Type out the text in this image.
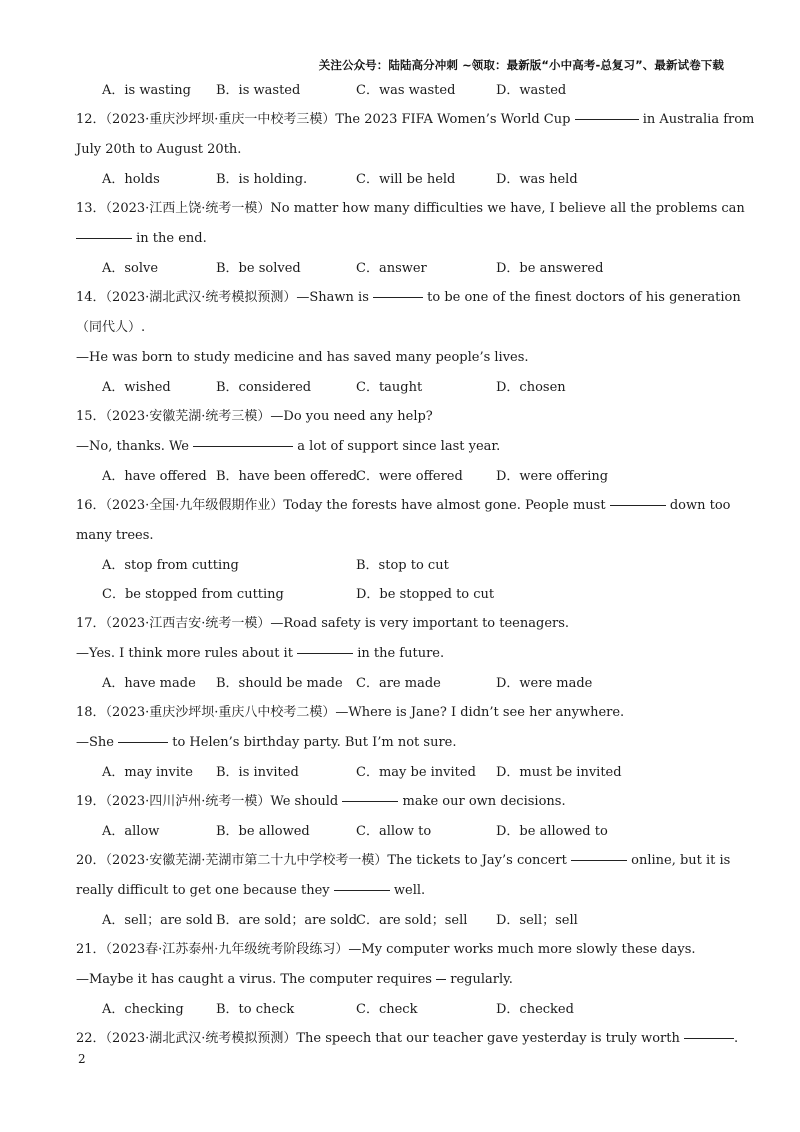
关注公众号：陆陆高分冲刺 ~领取：最新版“小中高考-总复习”、最新试卷下载
A．is wasting B．is wasted	C．was wasted	D．wasted
12．（2023·重庆沙坪坝·重庆一中校考三模）The 2023 FIFA Women’s World Cup	in Australia from
July 20th to August 20th.
A．holds	B．is holding.	C．will be held	D．was held
13．（2023·江西上饶·统考一模）No matter how many difficulties we have, I believe all the problems can
in the end.
A．solve	B．be solved	C．answer	D．be answered
14．（2023·湖北武汉·统考模拟预测）—Shawn is	to be one of the finest doctors of his generation
（同代人）.
—He was born to study medicine and has saved many people’s lives.
A．wished	B．considered	C．taught	D．chosen
15．（2023·安徽芜湖·统考三模）—Do you need any help?
—No, thanks. We	a lot of support since last year.
A．have offered B．have been offered
C．were offered	D．were offering
16．（2023·全国·九年级假期作业）Today the forests have almost gone. People must	down too
many trees.
A．stop from cutting	B．stop to cut
C．be stopped from cutting	D．be stopped to cut
17．（2023·江西吉安·统考一模）—Road safety is very important to teenagers.
—Yes. I think more rules about it	in the future.
A．have made B．should be made C．are made	D．were made
18．（2023·重庆沙坪坝·重庆八中校考二模）—Where is Jane? I didn’t see her anywhere.
—She	to Helen’s birthday party. But I’m not sure.
A．may invite B．is invited	C．may be invited D．must be invited
19．（2023·四川泸州·统考一模）We should	make our own decisions.
A．allow	B．be allowed	C．allow to	D．be allowed to
20．（2023·安徽芜湖·芜湖市第二十九中学校考一模）The tickets to Jay’s concert	online, but it is
really difficult to get one because they	well.
A．sell；are sold B．are sold；are sold
C．are sold；sell D．sell；sell
21．（2023春·江苏泰州·九年级统考阶段练习）—My computer works much more slowly these days.
—Maybe it has caught a virus. The computer requires  regularly.
A．checking B．to check	C．check	D．checked
22．（2023·湖北武汉·统考模拟预测）The speech that our teacher gave yesterday is truly worth	.
2
